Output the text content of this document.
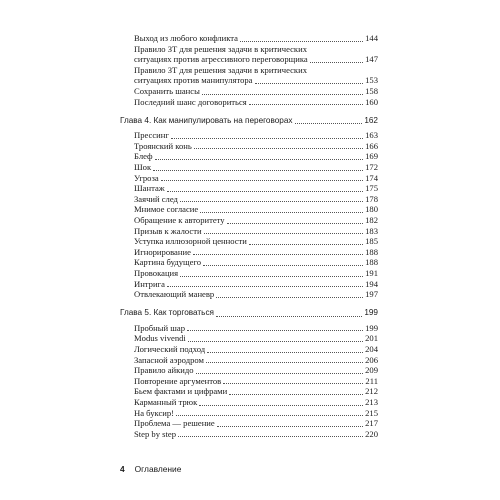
Выход из любого конфликта	144
Правило ЗТ для решения задачи в критических
ситуациях против агрессивного переговорщика	147
Правило ЗТ для решения задачи в критических
ситуациях против манипулятора	153
Сохранить шансы	158
Последний шанс договориться	160
Глава 4. Как манипулировать на переговорах	162
Прессинг	163
Троянский конь	166
Блеф	169
Шок	172
Угроза	174
Шантаж	175
Заячий след	178
Мнимое согласие	180
Обращение к авторитету	182
Призыв к жалости	183
Уступка иллюзорной ценности	185
Игнорирование	188
Картина будущего	188
Провокация	191
Интрига	194
Отвлекающий маневр	197
Глава 5. Как торговаться	199
Пробный шар	199
Modus vivendi	201
Логический подход	204
Запасной аэродром	206
Правило айкидо	209
Повторение аргументов	211
Бьем фактами и цифрами	212
Карманный трюк	213
На буксир!	215
Проблема — решение	217
Step by step	220
4 Оглавление
